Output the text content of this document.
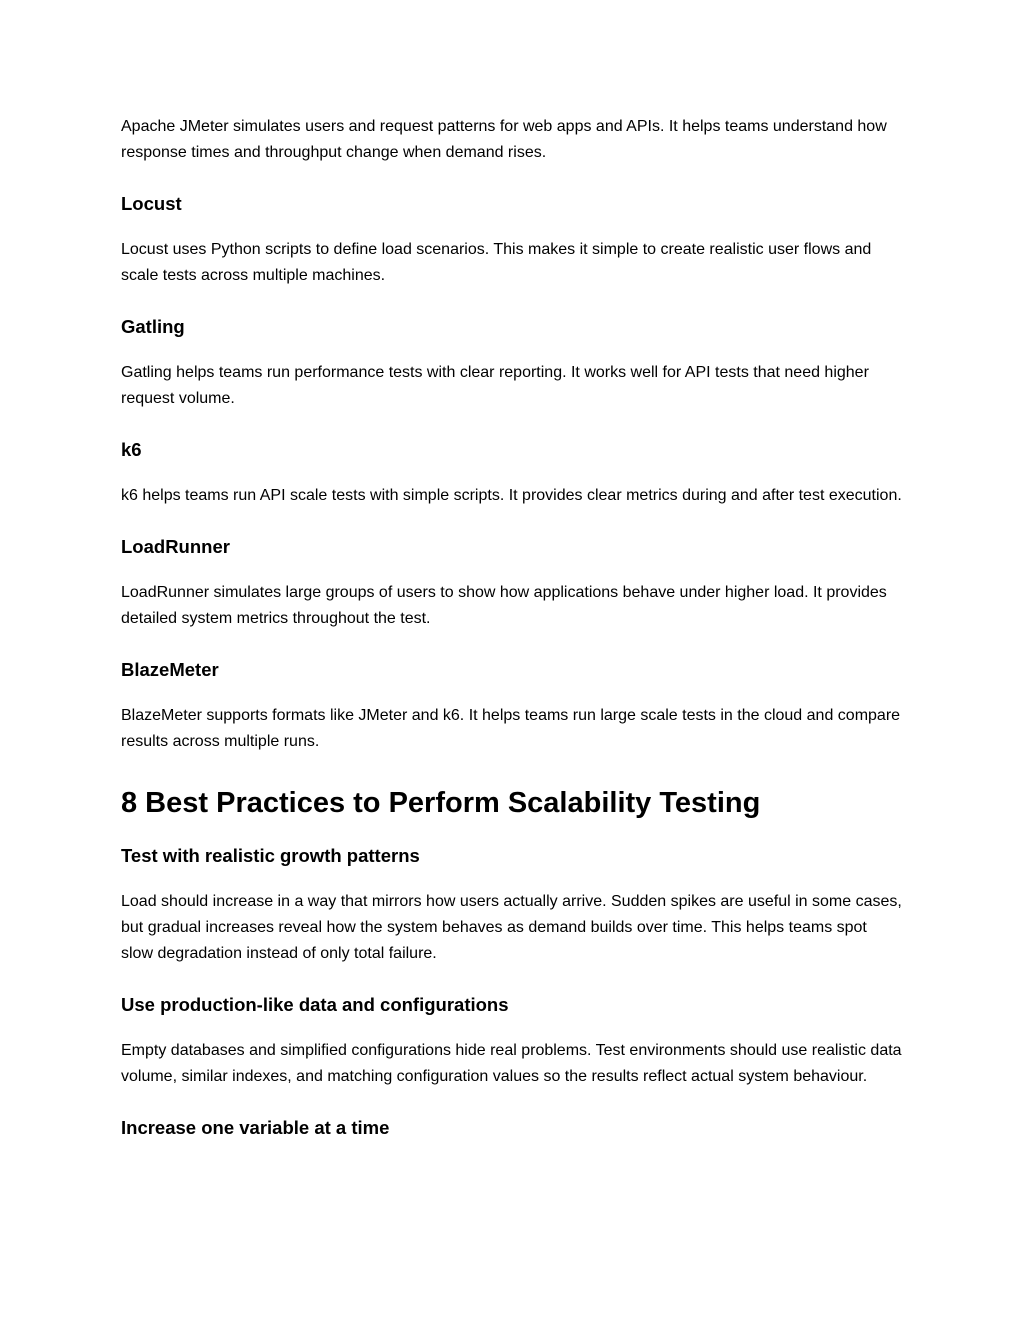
Apache JMeter simulates users and request patterns for web apps and APIs. It helps teams understand how response times and throughput change when demand rises.

Locust

Locust uses Python scripts to define load scenarios. This makes it simple to create realistic user flows and scale tests across multiple machines.

Gatling

Gatling helps teams run performance tests with clear reporting. It works well for API tests that need higher request volume.

k6

k6 helps teams run API scale tests with simple scripts. It provides clear metrics during and after test execution.

LoadRunner

LoadRunner simulates large groups of users to show how applications behave under higher load. It provides detailed system metrics throughout the test.

BlazeMeter

BlazeMeter supports formats like JMeter and k6. It helps teams run large scale tests in the cloud and compare results across multiple runs.

8 Best Practices to Perform Scalability Testing
Test with realistic growth patterns

Load should increase in a way that mirrors how users actually arrive. Sudden spikes are useful in some cases, but gradual increases reveal how the system behaves as demand builds over time. This helps teams spot slow degradation instead of only total failure.

Use production-like data and configurations

Empty databases and simplified configurations hide real problems. Test environments should use realistic data volume, similar indexes, and matching configuration values so the results reflect actual system behaviour.

Increase one variable at a time
